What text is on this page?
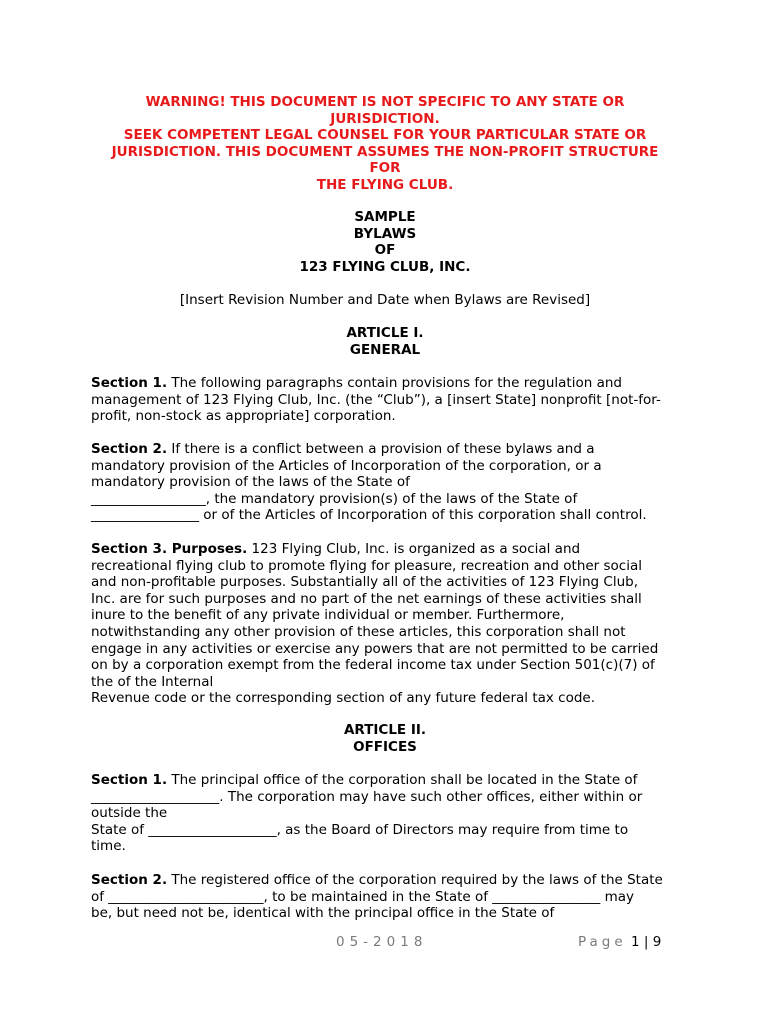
WARNING! THIS DOCUMENT IS NOT SPECIFIC TO ANY STATE OR
JURISDICTION.
SEEK COMPETENT LEGAL COUNSEL FOR YOUR PARTICULAR STATE OR
JURISDICTION. THIS DOCUMENT ASSUMES THE NON-PROFIT STRUCTURE
FOR
THE FLYING CLUB.
SAMPLE
BYLAWS
OF
123 FLYING CLUB, INC.
[Insert Revision Number and Date when Bylaws are Revised]
ARTICLE I.
GENERAL
Section 1. The following paragraphs contain provisions for the regulation and
management of 123 Flying Club, Inc. (the “Club”), a [insert State] nonprofit [not-for-
profit, non-stock as appropriate] corporation.
Section 2. If there is a conflict between a provision of these bylaws and a
mandatory provision of the Articles of Incorporation of the corporation, or a
mandatory provision of the laws of the State of
_________________, the mandatory provision(s) of the laws of the State of
________________ or of the Articles of Incorporation of this corporation shall control.
Section 3. Purposes. 123 Flying Club, Inc. is organized as a social and
recreational flying club to promote flying for pleasure, recreation and other social
and non-profitable purposes. Substantially all of the activities of 123 Flying Club,
Inc. are for such purposes and no part of the net earnings of these activities shall
inure to the benefit of any private individual or member. Furthermore,
notwithstanding any other provision of these articles, this corporation shall not
engage in any activities or exercise any powers that are not permitted to be carried
on by a corporation exempt from the federal income tax under Section 501(c)(7) of
the of the Internal
Revenue code or the corresponding section of any future federal tax code.
ARTICLE II.
OFFICES
Section 1. The principal office of the corporation shall be located in the State of
___________________. The corporation may have such other offices, either within or
outside the
State of ___________________, as the Board of Directors may require from time to
time.
Section 2. The registered office of the corporation required by the laws of the State
of _______________________, to be maintained in the State of ________________ may
be, but need not be, identical with the principal office in the State of
05-2018	Page 1 | 9
